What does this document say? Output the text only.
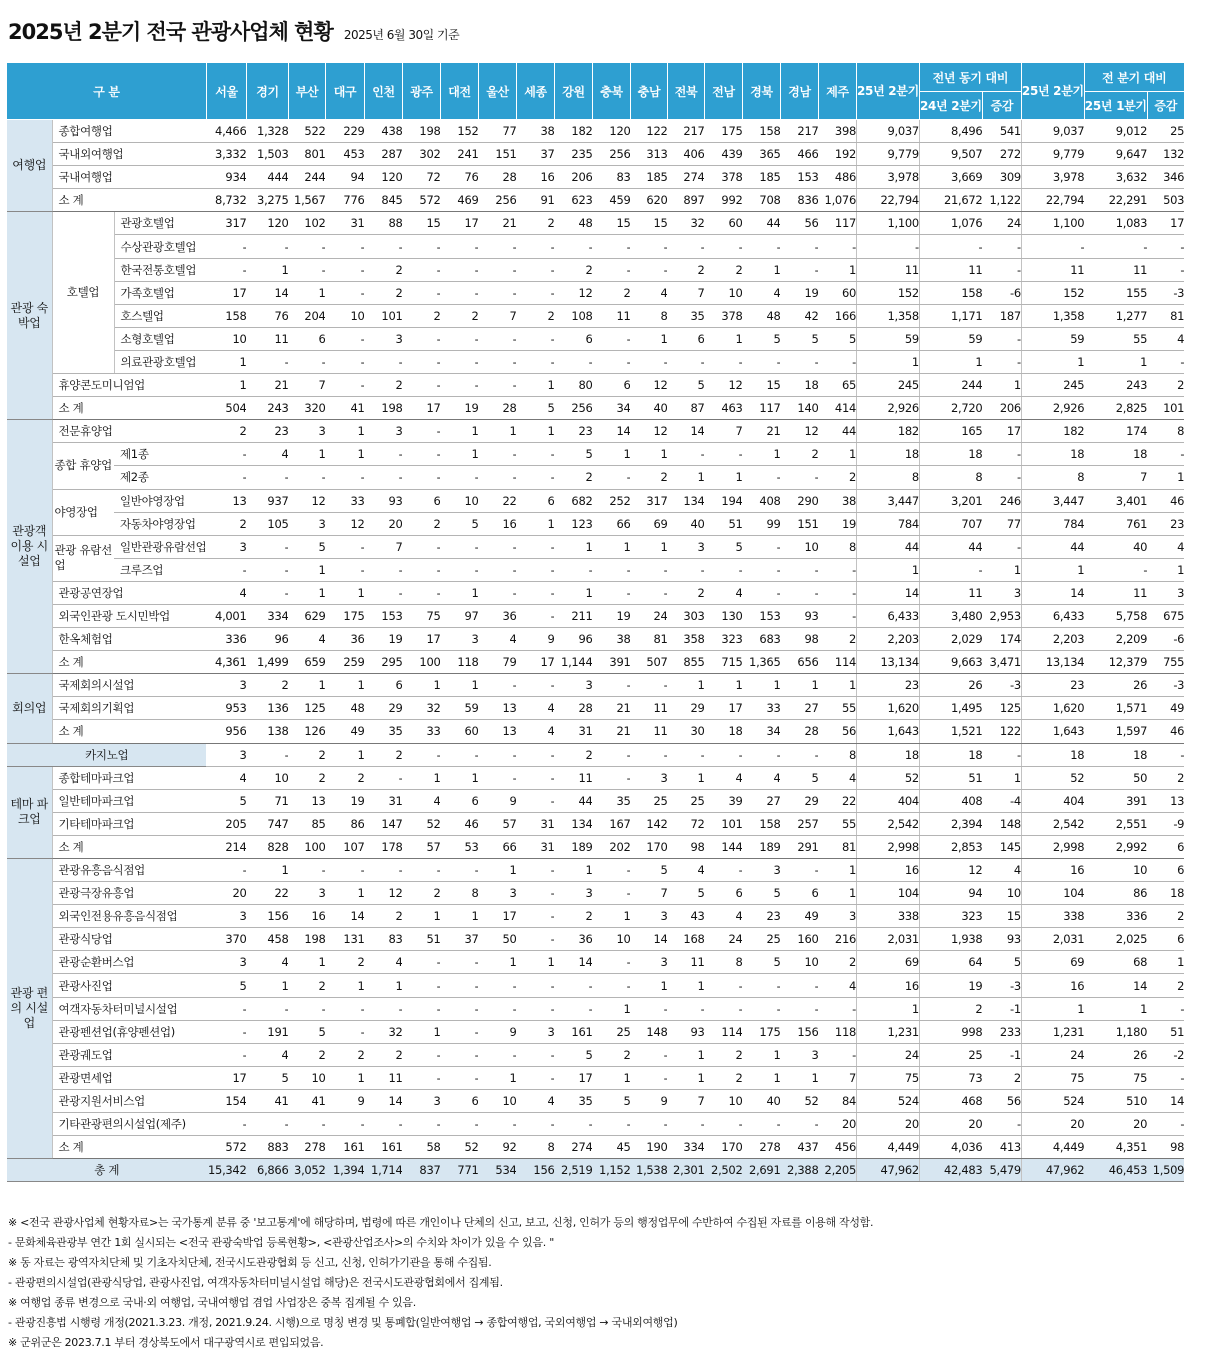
2025년 2분기 전국 관광사업체 현황 2025년 6월 30일 기준
구 분			서울	경기	부산	대구	인천	광주	대전	울산	세종	강원	충북	충남	전북	전남	경북	경남	제주	25년 2분기	전년 동기 대비		25년 2분기	전 분기 대비	
																					24년 2분기	증감		25년 1분기	증감
여행업	종합여행업		4,466	1,328	522	229	438	198	152	77	38	182	120	122	217	175	158	217	398	9,037	8,496	541	9,037	9,012	25
	국내외여행업		3,332	1,503	801	453	287	302	241	151	37	235	256	313	406	439	365	466	192	9,779	9,507	272	9,779	9,647	132
	국내여행업		934	444	244	94	120	72	76	28	16	206	83	185	274	378	185	153	486	3,978	3,669	309	3,978	3,632	346
	소 계		8,732	3,275	1,567	776	845	572	469	256	91	623	459	620	897	992	708	836	1,076	22,794	21,672	1,122	22,794	22,291	503
관광 숙박업	호텔업	관광호텔업	317	120	102	31	88	15	17	21	2	48	15	15	32	60	44	56	117	1,100	1,076	24	1,100	1,083	17
		수상관광호텔업	-	-	-	-	-	-	-	-	-	-	-	-	-	-	-	-	-	-	-	-	-	-	-
		한국전통호텔업	-	1	-	-	2	-	-	-	-	2	-	-	2	2	1	-	1	11	11	-	11	11	-
		가족호텔업	17	14	1	-	2	-	-	-	-	12	2	4	7	10	4	19	60	152	158	-6	152	155	-3
		호스텔업	158	76	204	10	101	2	2	7	2	108	11	8	35	378	48	42	166	1,358	1,171	187	1,358	1,277	81
		소형호텔업	10	11	6	-	3	-	-	-	-	6	-	1	6	1	5	5	5	59	59	-	59	55	4
		의료관광호텔업	1	-	-	-	-	-	-	-	-	-	-	-	-	-	-	-	-	1	1	-	1	1	-
	휴양콘도미니엄업		1	21	7	-	2	-	-	-	1	80	6	12	5	12	15	18	65	245	244	1	245	243	2
	소 계		504	243	320	41	198	17	19	28	5	256	34	40	87	463	117	140	414	2,926	2,720	206	2,926	2,825	101
관광객 이용 시설업	전문휴양업		2	23	3	1	3	-	1	1	1	23	14	12	14	7	21	12	44	182	165	17	182	174	8
	종합 휴양업	제1종	-	4	1	1	-	-	1	-	-	5	1	1	-	-	1	2	1	18	18	-	18	18	-
		제2종	-	-	-	-	-	-	-	-	-	2	-	2	1	1	-	-	2	8	8	-	8	7	1
	야영장업	일반야영장업	13	937	12	33	93	6	10	22	6	682	252	317	134	194	408	290	38	3,447	3,201	246	3,447	3,401	46
		자동차야영장업	2	105	3	12	20	2	5	16	1	123	66	69	40	51	99	151	19	784	707	77	784	761	23
	관광 유람선업	일반관광유람선업	3	-	5	-	7	-	-	-	-	1	1	1	3	5	-	10	8	44	44	-	44	40	4
		크루즈업	-	-	1	-	-	-	-	-	-	-	-	-	-	-	-	-	-	1	-	1	1	-	1
	관광공연장업		4	-	1	1	-	-	1	-	-	1	-	-	2	4	-	-	-	14	11	3	14	11	3
	외국인관광 도시민박업		4,001	334	629	175	153	75	97	36	-	211	19	24	303	130	153	93	-	6,433	3,480	2,953	6,433	5,758	675
	한옥체험업		336	96	4	36	19	17	3	4	9	96	38	81	358	323	683	98	2	2,203	2,029	174	2,203	2,209	-6
	소 계		4,361	1,499	659	259	295	100	118	79	17	1,144	391	507	855	715	1,365	656	114	13,134	9,663	3,471	13,134	12,379	755
회의업	국제회의시설업		3	2	1	1	6	1	1	-	-	3	-	-	1	1	1	1	1	23	26	-3	23	26	-3
	국제회의기획업		953	136	125	48	29	32	59	13	4	28	21	11	29	17	33	27	55	1,620	1,495	125	1,620	1,571	49
	소 계		956	138	126	49	35	33	60	13	4	31	21	11	30	18	34	28	56	1,643	1,521	122	1,643	1,597	46
카지노업			3	-	2	1	2	-	-	-	-	2	-	-	-	-	-	-	8	18	18	-	18	18	-
테마 파크업	종합테마파크업		4	10	2	2	-	1	1	-	-	11	-	3	1	4	4	5	4	52	51	1	52	50	2
	일반테마파크업		5	71	13	19	31	4	6	9	-	44	35	25	25	39	27	29	22	404	408	-4	404	391	13
	기타테마파크업		205	747	85	86	147	52	46	57	31	134	167	142	72	101	158	257	55	2,542	2,394	148	2,542	2,551	-9
	소 계		214	828	100	107	178	57	53	66	31	189	202	170	98	144	189	291	81	2,998	2,853	145	2,998	2,992	6
관광 편의 시설업	관광유흥음식점업		-	1	-	-	-	-	-	1	-	1	-	5	4	-	3	-	1	16	12	4	16	10	6
	관광극장유흥업		20	22	3	1	12	2	8	3	-	3	-	7	5	6	5	6	1	104	94	10	104	86	18
	외국인전용유흥음식점업		3	156	16	14	2	1	1	17	-	2	1	3	43	4	23	49	3	338	323	15	338	336	2
	관광식당업		370	458	198	131	83	51	37	50	-	36	10	14	168	24	25	160	216	2,031	1,938	93	2,031	2,025	6
	관광순환버스업		3	4	1	2	4	-	-	1	1	14	-	3	11	8	5	10	2	69	64	5	69	68	1
	관광사진업		5	1	2	1	1	-	-	-	-	-	-	1	1	-	-	-	4	16	19	-3	16	14	2
	여객자동차터미널시설업		-	-	-	-	-	-	-	-	-	-	1	-	-	-	-	-	-	1	2	-1	1	1	-
	관광펜션업(휴양펜션업)		-	191	5	-	32	1	-	9	3	161	25	148	93	114	175	156	118	1,231	998	233	1,231	1,180	51
	관광궤도업		-	4	2	2	2	-	-	-	-	5	2	-	1	2	1	3	-	24	25	-1	24	26	-2
	관광면세업		17	5	10	1	11	-	-	1	-	17	1	-	1	2	1	1	7	75	73	2	75	75	-
	관광지원서비스업		154	41	41	9	14	3	6	10	4	35	5	9	7	10	40	52	84	524	468	56	524	510	14
	기타관광편의시설업(제주)		-	-	-	-	-	-	-	-	-	-	-	-	-	-	-	-	20	20	20	-	20	20	-
	소 계		572	883	278	161	161	58	52	92	8	274	45	190	334	170	278	437	456	4,449	4,036	413	4,449	4,351	98
총 계			15,342	6,866	3,052	1,394	1,714	837	771	534	156	2,519	1,152	1,538	2,301	2,502	2,691	2,388	2,205	47,962	42,483	5,479	47,962	46,453	1,509
※ <전국 관광사업체 현황자료>는 국가통계 분류 중 '보고통계'에 해당하며, 법령에 따른 개인이나 단체의 신고, 보고, 신청, 인허가 등의 행정업무에 수반하여 수집된 자료를 이용해 작성함.
- 문화체육관광부 연간 1회 실시되는 <전국 관광숙박업 등록현황>, <관광산업조사>의 수치와 차이가 있을 수 있음. "
※ 동 자료는 광역자치단체 및 기초자치단체, 전국시도관광협회 등 신고, 신청, 인허가기관을 통해 수집됨.
- 관광편의시설업(관광식당업, 관광사진업, 여객자동차터미널시설업 해당)은 전국시도관광협회에서 집계됨.
※ 여행업 종류 변경으로 국내·외 여행업, 국내여행업 겸업 사업장은 중복 집계될 수 있음.
- 관광진흥법 시행령 개정(2021.3.23. 개정, 2021.9.24. 시행)으로 명칭 변경 및 통폐합(일반여행업 → 종합여행업, 국외여행업 → 국내외여행업)
※ 군위군은 2023.7.1 부터 경상북도에서 대구광역시로 편입되었음.
